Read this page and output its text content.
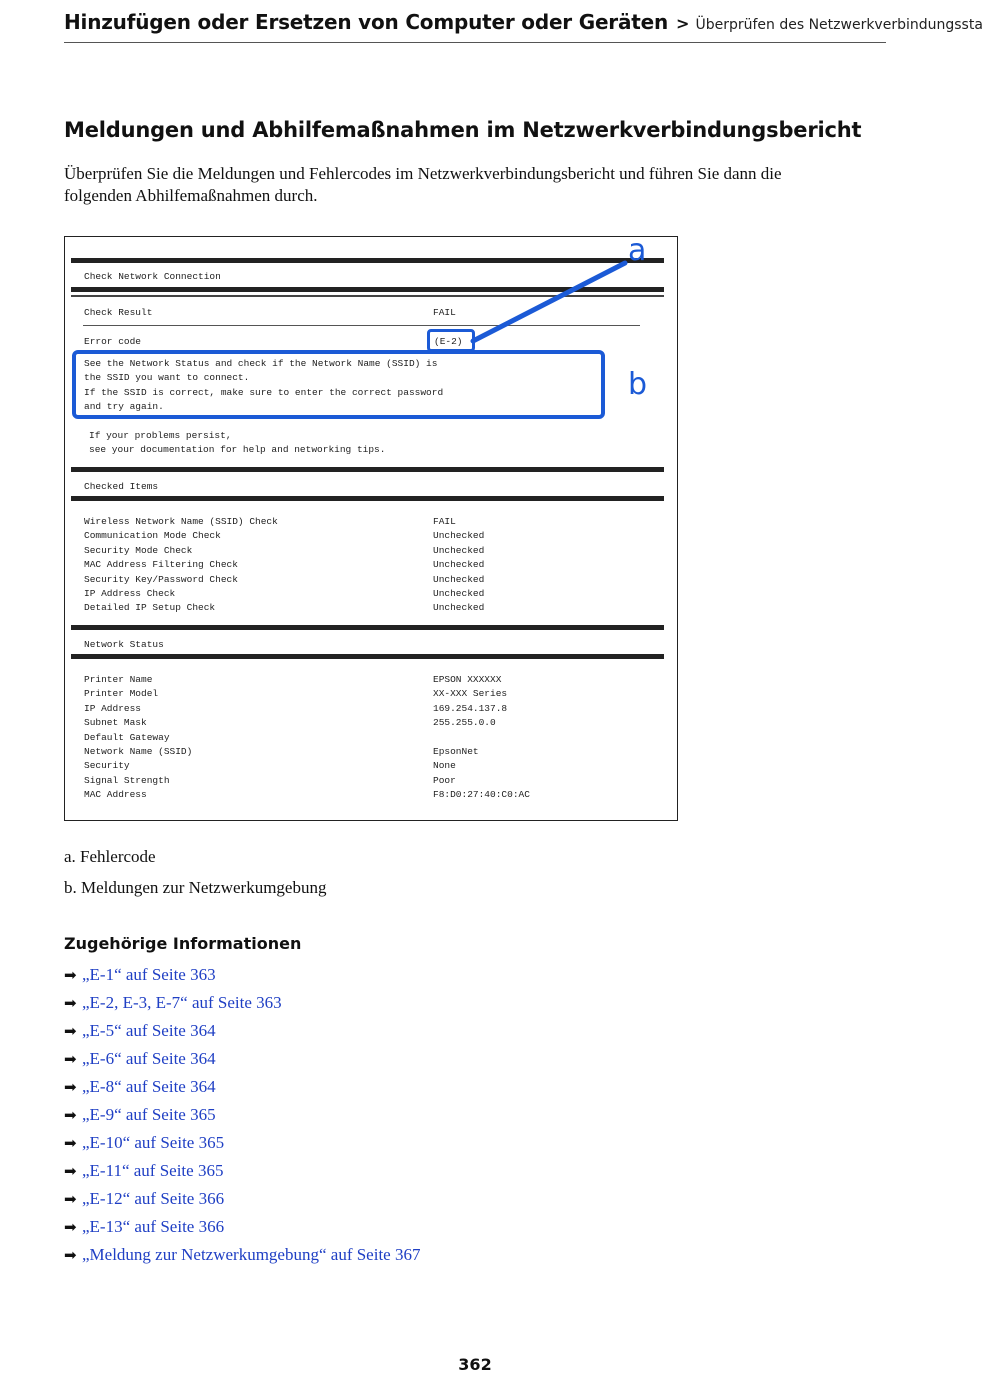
Hinzufügen oder Ersetzen von Computer oder Geräten > Überprüfen des Netzwerkverbindungssta
Meldungen und Abhilfemaßnahmen im Netzwerkverbindungsbericht

Überprüfen Sie die Meldungen und Fehlercodes im Netzwerkverbindungsbericht und führen Sie dann die folgenden Abhilfemaßnahmen durch.

Check Network Connection
Check Result	FAIL
Error code	(E-2)
See the Network Status and check if the Network Name (SSID) is
the SSID you want to connect.
If the SSID is correct, make sure to enter the correct password
and try again.
If your problems persist,
see your documentation for help and networking tips.
Checked Items
Wireless Network Name (SSID) Check	FAIL
Communication Mode Check	Unchecked
Security Mode Check	Unchecked
MAC Address Filtering Check	Unchecked
Security Key/Password Check	Unchecked
IP Address Check	Unchecked
Detailed IP Setup Check	Unchecked
Network Status
Printer Name	EPSON XXXXXX
Printer Model	XX-XXX Series
IP Address	169.254.137.8
Subnet Mask	255.255.0.0
Default Gateway
Network Name (SSID)	EpsonNet
Security	None
Signal Strength	Poor
MAC Address	F8:D0:27:40:C0:AC
a
b
a. Fehlercode
b. Meldungen zur Netzwerkumgebung
Zugehörige Informationen
➡ „E-1“ auf Seite 363
➡ „E-2, E-3, E-7“ auf Seite 363
➡ „E-5“ auf Seite 364
➡ „E-6“ auf Seite 364
➡ „E-8“ auf Seite 364
➡ „E-9“ auf Seite 365
➡ „E-10“ auf Seite 365
➡ „E-11“ auf Seite 365
➡ „E-12“ auf Seite 366
➡ „E-13“ auf Seite 366
➡ „Meldung zur Netzwerkumgebung“ auf Seite 367
362
